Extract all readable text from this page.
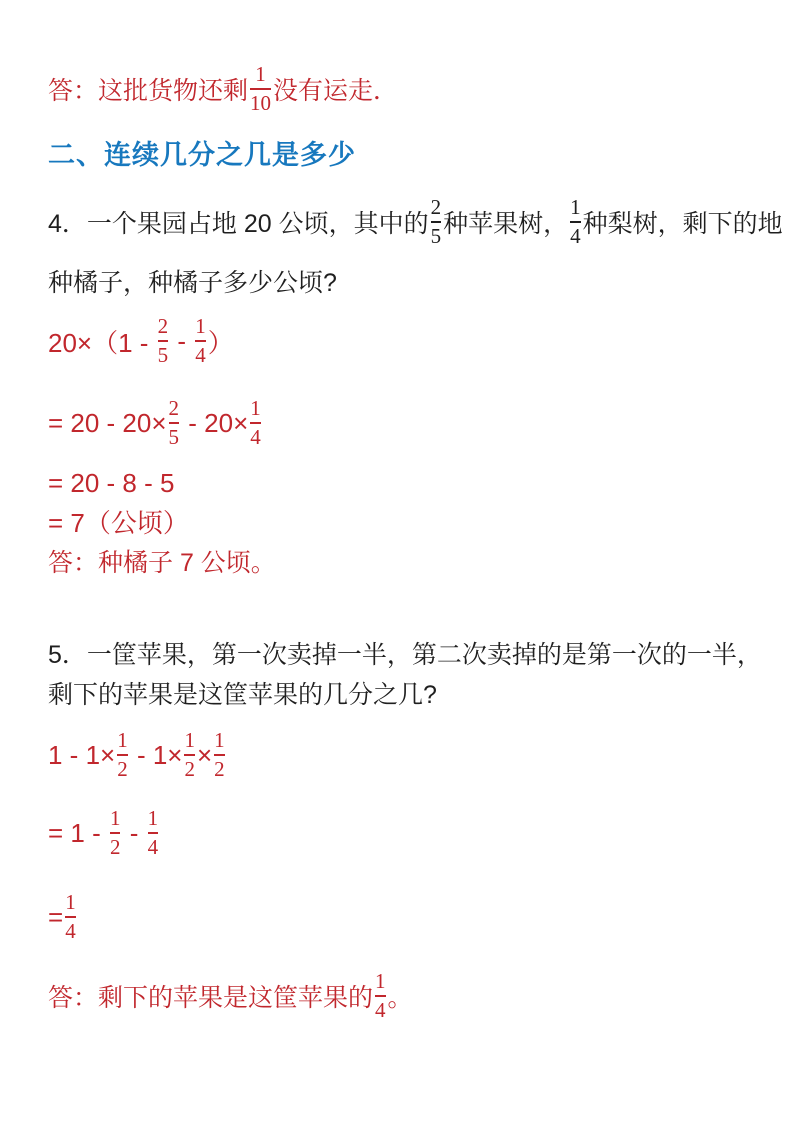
答：这批货物还剩 $\frac{1}{10}$ 没有运走．
二、连续几分之几是多少
4．一个果园占地 20 公顷，其中的 $\frac{2}{5}$ 种苹果树， $\frac{1}{4}$ 种梨树，剩下的地
种橘子，种橘子多少公顷?
$20\times(1 - \frac{2}{5} - \frac{1}{4}$ ）
= $20 - 20\times \frac{2}{5} - 20\times \frac{1}{4}$
= 20 - 8 - 5
= 7（公顷）
答：种橘子 7 公顷。
5．一筐苹果，第一次卖掉一半，第二次卖掉的是第一次的一半，
剩下的苹果是这筐苹果的几分之几?
$1 - 1\times \frac{1}{2} - 1\times \frac{1}{2} \times \frac{1}{2}$
= $1 - \frac{1}{2} - \frac{1}{4}$
= $\frac{1}{4}$
答：剩下的苹果是这筐苹果的 $\frac{1}{4}$ 。
